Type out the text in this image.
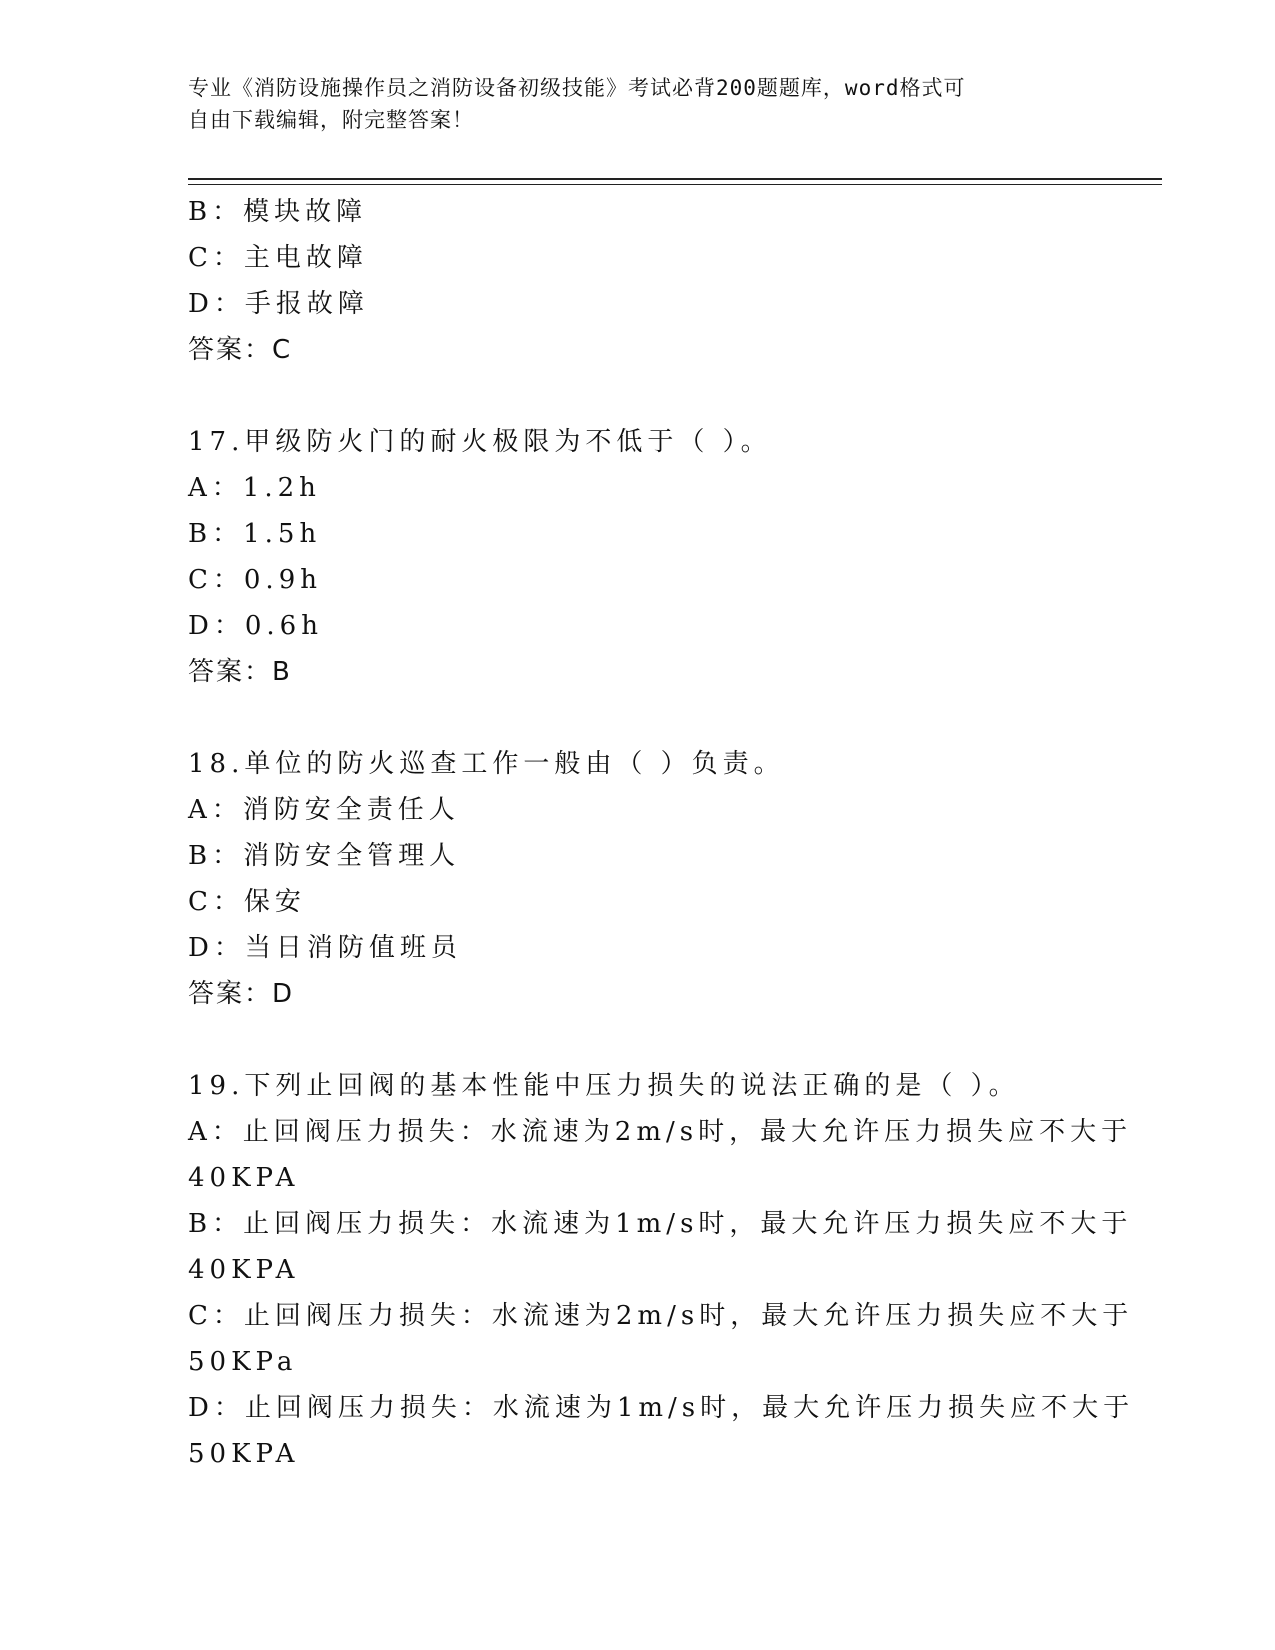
专业《消防设施操作员之消防设备初级技能》考试必背200题题库，word格式可
自由下载编辑，附完整答案！
B：模块故障
C：主电故障
D：手报故障
答案：C
17.甲级防火门的耐火极限为不低于（ ）。
A：1.2h
B：1.5h
C：0.9h
D：0.6h
答案：B
18.单位的防火巡查工作一般由（ ）负责。
A：消防安全责任人
B：消防安全管理人
C：保安
D：当日消防值班员
答案：D
19.下列止回阀的基本性能中压力损失的说法正确的是（ ）。
A：止回阀压力损失：水流速为2m/s时，最大允许压力损失应不大于
40KPA
B：止回阀压力损失：水流速为1m/s时，最大允许压力损失应不大于
40KPA
C：止回阀压力损失：水流速为2m/s时，最大允许压力损失应不大于
50KPa
D：止回阀压力损失：水流速为1m/s时，最大允许压力损失应不大于
50KPA
